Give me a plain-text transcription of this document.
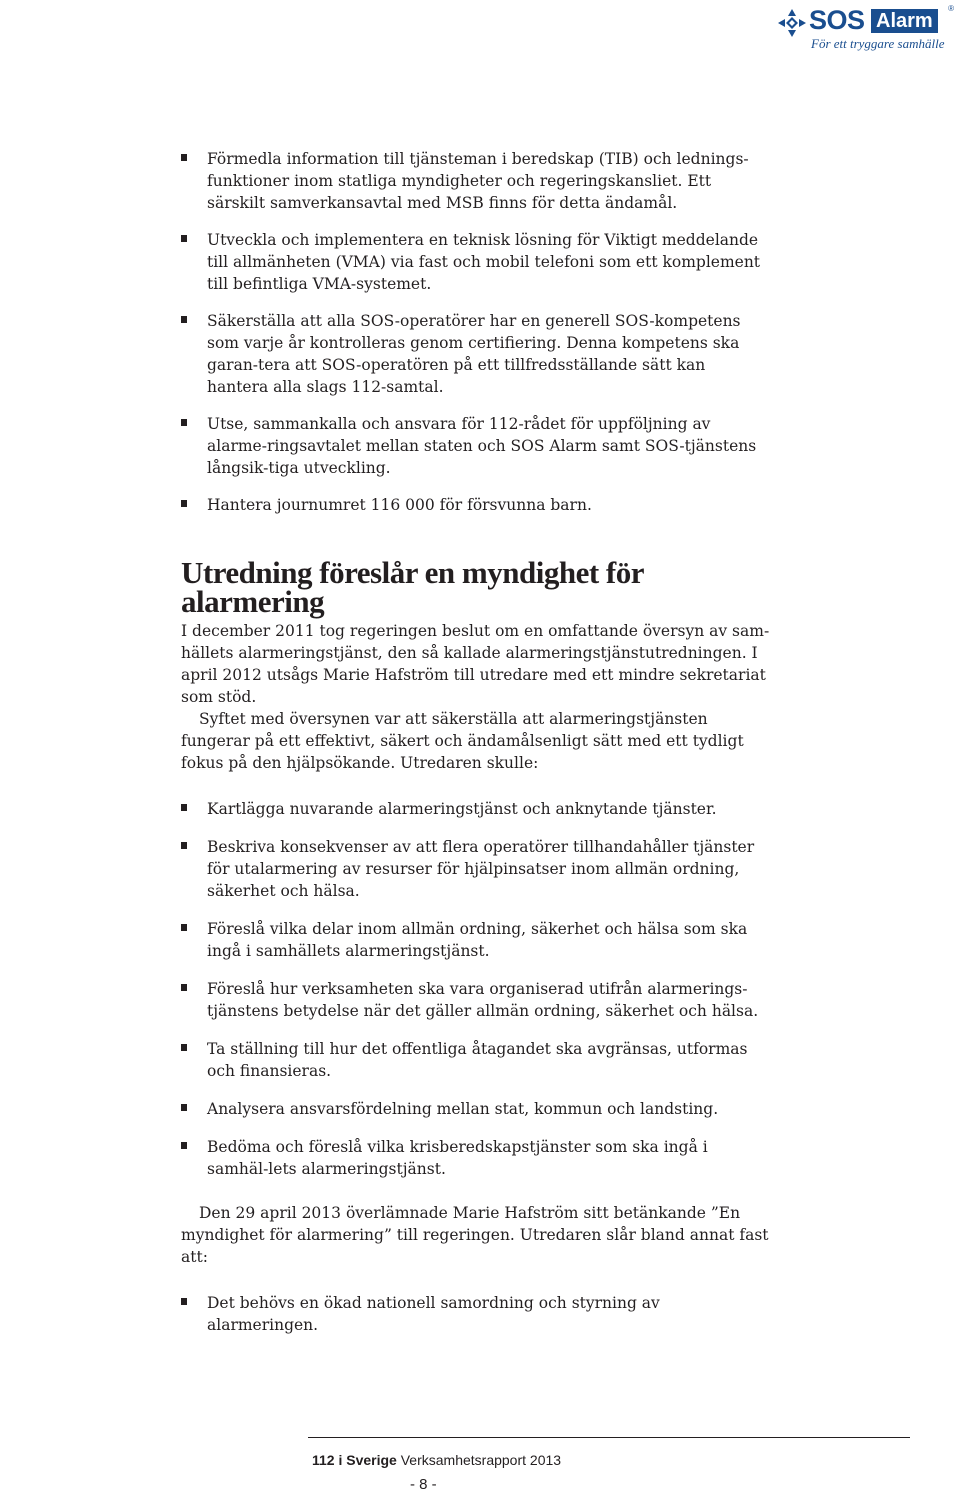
SOS Alarm
®
För ett tryggare samhälle
Förmedla information till tjänsteman i beredskap (TIB) och lednings-funktioner inom statliga myndigheter och regeringskansliet. Ett särskilt samverkansavtal med MSB finns för detta ändamål.
Utveckla och implementera en teknisk lösning för Viktigt meddelande till allmänheten (VMA) via fast och mobil telefoni som ett komplement till befintliga VMA-systemet.
Säkerställa att alla SOS-operatörer har en generell SOS-kompetens som varje år kontrolleras genom certifiering. Denna kompetens ska garan-tera att SOS-operatören på ett tillfredsställande sätt kan hantera alla slags 112-samtal.
Utse, sammankalla och ansvara för 112-rådet för uppföljning av alarme-ringsavtalet mellan staten och SOS Alarm samt SOS-tjänstens långsik-tiga utveckling.
Hantera journumret 116 000 för försvunna barn.
Utredning föreslår en myndighet för alarmering

I december 2011 tog regeringen beslut om en omfattande översyn av sam-hällets alarmeringstjänst, den så kallade alarmeringstjänstutredningen. I april 2012 utsågs Marie Hafström till utredare med ett mindre sekretariat som stöd.

Syftet med översynen var att säkerställa att alarmeringstjänsten fungerar på ett effektivt, säkert och ändamålsenligt sätt med ett tydligt fokus på den hjälpsökande. Utredaren skulle:

Kartlägga nuvarande alarmeringstjänst och anknytande tjänster.
Beskriva konsekvenser av att flera operatörer tillhandahåller tjänster för utalarmering av resurser för hjälpinsatser inom allmän ordning, säkerhet och hälsa.
Föreslå vilka delar inom allmän ordning, säkerhet och hälsa som ska ingå i samhällets alarmeringstjänst.
Föreslå hur verksamheten ska vara organiserad utifrån alarmerings-tjänstens betydelse när det gäller allmän ordning, säkerhet och hälsa.
Ta ställning till hur det offentliga åtagandet ska avgränsas, utformas och finansieras.
Analysera ansvarsfördelning mellan stat, kommun och landsting.
Bedöma och föreslå vilka krisberedskapstjänster som ska ingå i samhäl-lets alarmeringstjänst.

Den 29 april 2013 överlämnade Marie Hafström sitt betänkande ”En myndighet för alarmering” till regeringen. Utredaren slår bland annat fast att:

Det behövs en ökad nationell samordning och styrning av alarmeringen.
112 i Sverige Verksamhetsrapport 2013
- 8 -
